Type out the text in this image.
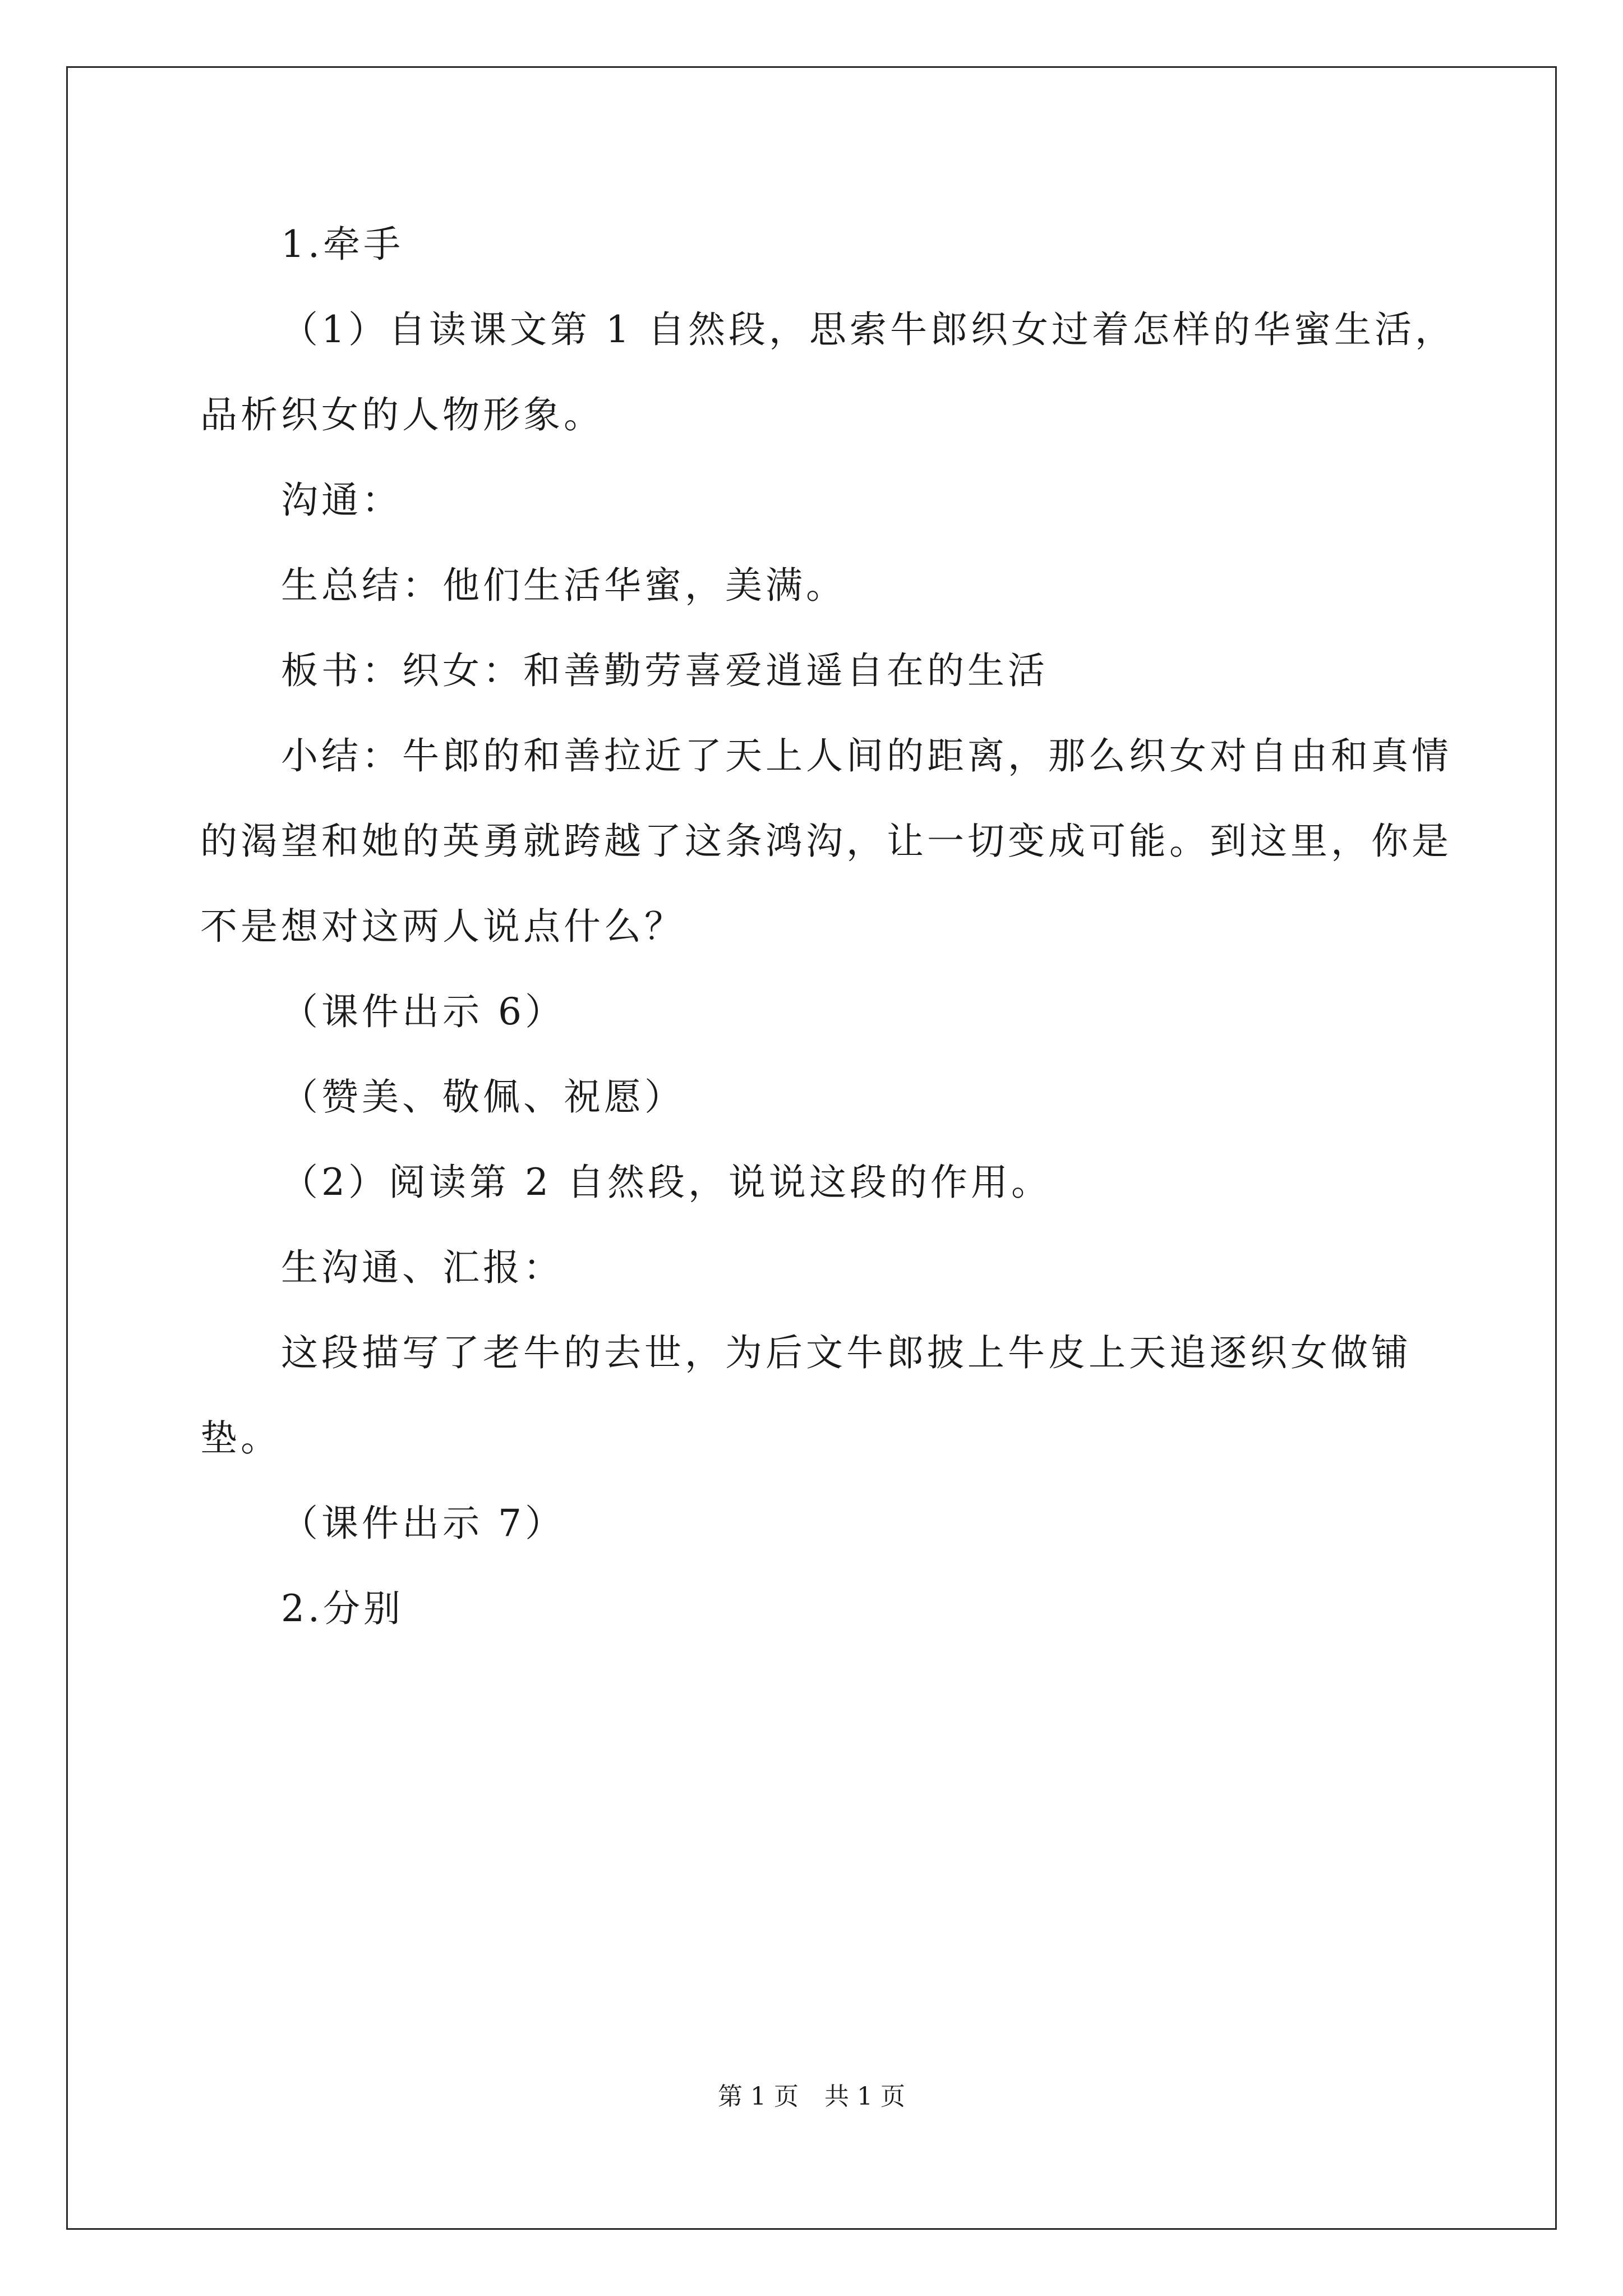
1.牵手

（1）自读课文第 1 自然段，思索牛郎织女过着怎样的华蜜生活，品析织女的人物形象。

沟通：

生总结：他们生活华蜜，美满。

板书：织女：和善勤劳喜爱逍遥自在的生活

小结：牛郎的和善拉近了天上人间的距离，那么织女对自由和真情的渴望和她的英勇就跨越了这条鸿沟，让一切变成可能。到这里，你是不是想对这两人说点什么？

（课件出示 6）

（赞美、敬佩、祝愿）

（2）阅读第 2 自然段，说说这段的作用。

生沟通、汇报：

这段描写了老牛的去世，为后文牛郎披上牛皮上天追逐织女做铺垫。

（课件出示 7）

2.分别

第 1 页 共 1 页
